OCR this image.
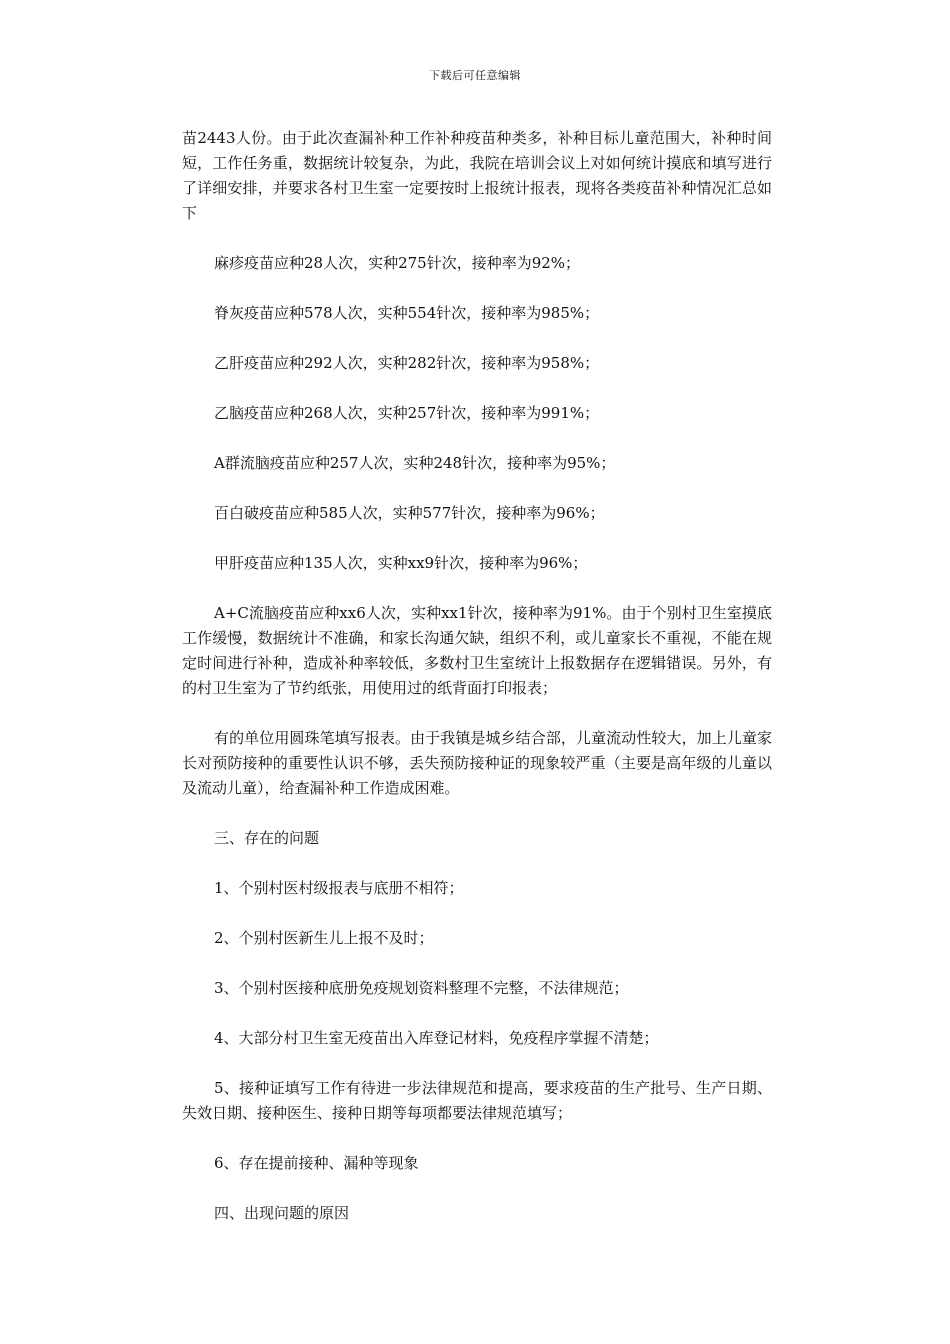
下载后可任意编辑

苗2443人份。由于此次查漏补种工作补种疫苗种类多，补种目标儿童范围大，补种时间短，工作任务重，数据统计较复杂，为此，我院在培训会议上对如何统计摸底和填写进行了详细安排，并要求各村卫生室一定要按时上报统计报表，现将各类疫苗补种情况汇总如下

麻疹疫苗应种28人次，实种275针次，接种率为92%；

脊灰疫苗应种578人次，实种554针次，接种率为985%；

乙肝疫苗应种292人次，实种282针次，接种率为958%；

乙脑疫苗应种268人次，实种257针次，接种率为991%；

A群流脑疫苗应种257人次，实种248针次，接种率为95%；

百白破疫苗应种585人次，实种577针次，接种率为96%；

甲肝疫苗应种135人次，实种xx9针次，接种率为96%；

A+C流脑疫苗应种xx6人次，实种xx1针次，接种率为91%。由于个别村卫生室摸底工作缓慢，数据统计不准确，和家长沟通欠缺，组织不利，或儿童家长不重视，不能在规定时间进行补种，造成补种率较低，多数村卫生室统计上报数据存在逻辑错误。另外，有的村卫生室为了节约纸张，用使用过的纸背面打印报表；

有的单位用圆珠笔填写报表。由于我镇是城乡结合部，儿童流动性较大，加上儿童家长对预防接种的重要性认识不够，丢失预防接种证的现象较严重（主要是高年级的儿童以及流动儿童），给查漏补种工作造成困难。

三、存在的问题

1、个别村医村级报表与底册不相符；

2、个别村医新生儿上报不及时；

3、个别村医接种底册免疫规划资料整理不完整，不法律规范；

4、大部分村卫生室无疫苗出入库登记材料，免疫程序掌握不清楚；

5、接种证填写工作有待进一步法律规范和提高，要求疫苗的生产批号、生产日期、失效日期、接种医生、接种日期等每项都要法律规范填写；

6、存在提前接种、漏种等现象

四、出现问题的原因
